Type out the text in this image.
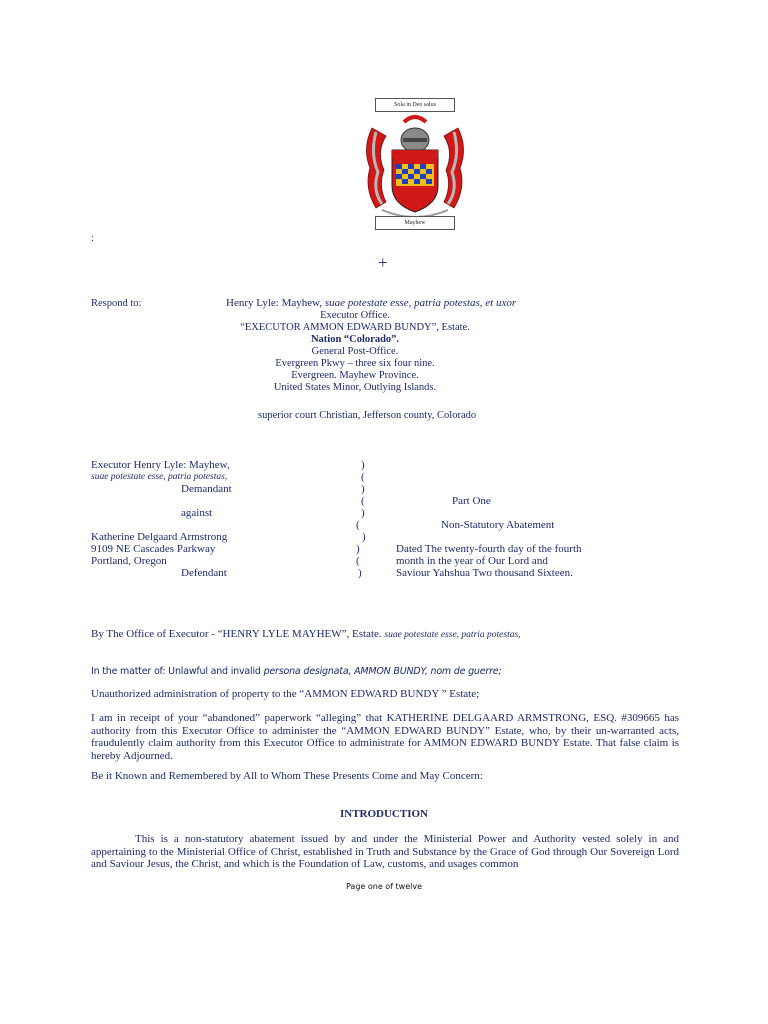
Sola in Deo salus
Mayhew
:
+
Respond to:	Henry Lyle: Mayhew, suae potestate esse, patria potestas, et uxor
Executor Office.
“EXECUTOR AMMON EDWARD BUNDY”, Estate.
Nation “Colorado”.
General Post-Office.
Evergreen Pkwy – three six four nine.
Evergreen. Mayhew Province.
United States Minor, Outlying Islands.
superior court Christian, Jefferson county, Colorado
Executor Henry Lyle: Mayhew,
suae potestate esse, patria potestas,
Demandant
against
Katherine Delgaard Armstrong
9109 NE Cascades Parkway
Portland, Oregon
Defendant
)
(
)
(
)
(
)
)
(
)
Part One
Non-Statutory Abatement
Dated The twenty-fourth day of the fourth
month in the year of Our Lord and
Saviour Yahshua Two thousand Sixteen.
By The Office of Executor - “HENRY LYLE MAYHEW”, Estate. suae potestate esse, patria potestas,
In the matter of: Unlawful and invalid persona designata, AMMON BUNDY, nom de guerre;
Unauthorized administration of property to the “AMMON EDWARD BUNDY ” Estate;
I am in receipt of your “abandoned” paperwork “alleging” that KATHERINE DELGAARD ARMSTRONG, ESQ. #309665 has authority from this Executor Office to administer the “AMMON EDWARD BUNDY” Estate, who, by their un-warranted acts, fraudulently claim authority from this Executor Office to administrate for AMMON EDWARD BUNDY Estate. That false claim is hereby Adjourned.
Be it Known and Remembered by All to Whom These Presents Come and May Concern:
INTRODUCTION
This is a non-statutory abatement issued by and under the Ministerial Power and Authority vested solely in and appertaining to the Ministerial Office of Christ, established in Truth and Substance by the Grace of God through Our Sovereign Lord and Saviour Jesus, the Christ, and which is the Foundation of Law, customs, and usages common
Page one of twelve
